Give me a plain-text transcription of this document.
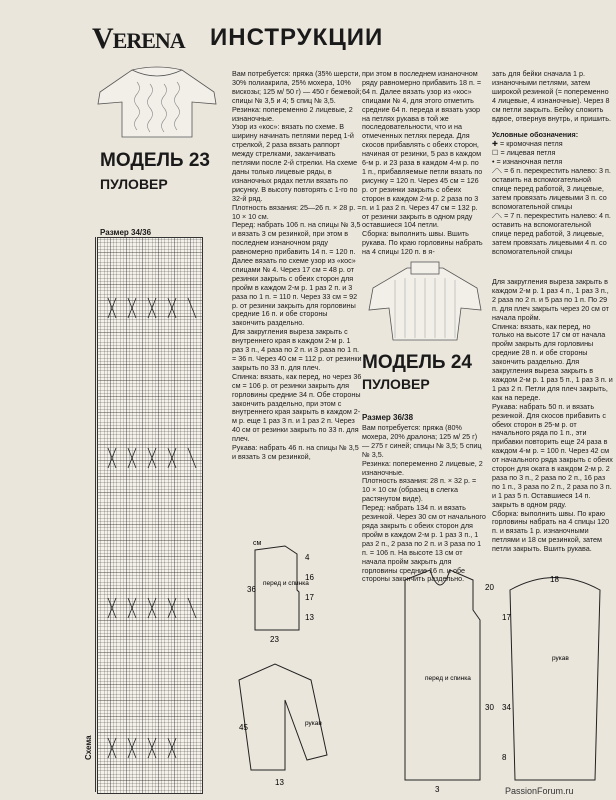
VERENA ИНСТРУКЦИИ
МОДЕЛЬ 23
ПУЛОВЕР
Размер 34/36
Схема

Вам потребуется: пряжа (35% шерсти, 30% полиакрила, 25% мохера, 10% вискозы; 125 м/ 50 г) — 450 г бежевой; спицы № 3,5 и 4; 5 спиц № 3,5.

Резинка: попеременно 2 лицевые, 2 изнаночные.

Узор из «кос»: вязать по схеме. В ширину начинать петлями перед 1-й стрелкой, 2 раза вязать раппорт между стрелками, заканчивать петлями после 2-й стрелки. На схеме даны только лицевые ряды, в изнаночных рядах петли вязать по рисунку. В высоту повторять с 1-го по 32-й ряд.

Плотность вязания: 25—26 п. × 28 р. = 10 × 10 см.

Перед: набрать 106 п. на спицы № 3,5 и вязать 3 см резинкой, при этом в последнем изнаночном ряду равномерно прибавить 14 п. = 120 п. Далее вязать по схеме узор из «кос» спицами № 4. Через 17 см = 48 р. от резинки закрыть с обеих сторон для пройм в каждом 2-м р. 1 раз 2 п. и 3 раза по 1 п. = 110 п. Через 33 см = 92 р. от резинки закрыть для горловины средние 16 п. и обе стороны закончить раздельно.

Для закругления выреза закрыть с внутреннего края в каждом 2-м р. 1 раз 3 п., 4 раза по 2 п. и 3 раза по 1 п. = 36 п. Через 40 см = 112 р. от резинки закрыть по 33 п. для плеч.

Спинка: вязать, как перед, но через 36 см = 106 р. от резинки закрыть для горловины средние 34 п. Обе стороны закончить раздельно, при этом с внутреннего края закрыть в каждом 2-м р. еще 1 раз 3 п. и 1 раз 2 п. Через 40 см от резинки закрыть по 33 п. для плеч.

Рукава: набрать 46 п. на спицы № 3,5 и вязать 3 см резинкой,

при этом в последнем изнаночном ряду равномерно прибавить 18 п. = 64 п. Далее вязать узор из «кос» спицами № 4, для этого отметить средние 64 п. переда и вязать узор на петлях рукава в той же последовательности, что и на отмеченных петлях переда. Для скосов прибавлять с обеих сторон, начиная от резинки, 5 раз в каждом 6-м р. и 23 раза в каждом 4-м р. по 1 п., прибавляемые петли вязать по рисунку = 120 п. Через 45 см = 126 р. от резинки закрыть с обеих сторон в каждом 2-м р. 2 раза по 3 п. и 1 раз 2 п. Через 47 см = 132 р. от резинки закрыть в одном ряду оставшиеся 104 петли.

Сборка: выполнить швы. Вшить рукава. По краю горловины набрать на 4 спицы 120 п. в я-

зать для бейки сначала 1 р. изнаночными петлями, затем широкой резинкой (= попеременно 4 лицевые, 4 изнаночные). Через 8 см петли закрыть. Бейку сложить вдвое, отвернув внутрь, и пришить.

Условные обозначения:
✚ = кромочная петля
☐ = лицевая петля
• = изнаночная петля
⟋⟍ = 6 п. перекрестить налево: 3 п. оставить на вспомогательной спице перед работой, 3 лицевые, затем провязать лицевыми 3 п. со вспомогательной спицы
⟋⟍ = 7 п. перекрестить налево: 4 п. оставить на вспомогательной спице перед работой, 3 лицевые, затем провязать лицевыми 4 п. со вспомогательной спицы
МОДЕЛЬ 24
ПУЛОВЕР
Размер 36/38

Вам потребуется: пряжа (80% мохера, 20% дралона; 125 м/ 25 г) — 275 г синей; спицы № 3,5; 5 спиц № 3,5.

Резинка: попеременно 2 лицевые, 2 изнаночные.

Плотность вязания: 28 п. × 32 р. = 10 × 10 см (образец в слегка растянутом виде).

Перед: набрать 134 п. и вязать резинкой. Через 30 см от начального ряда закрыть с обеих сторон для пройм в каждом 2-м р. 1 раз 3 п., 1 раз 2 п., 2 раза по 2 п. и 3 раза по 1 п. = 106 п. На высоте 13 см от начала пройм закрыть для горловины средние 16 п. и обе стороны закончить раздельно.

Для закругления выреза закрыть в каждом 2-м р. 1 раз 4 п., 1 раз 3 п., 2 раза по 2 п. и 5 раз по 1 п. По 29 п. для плеч закрыть через 20 см от начала пройм.

Спинка: вязать, как перед, но только на высоте 17 см от начала пройм закрыть для горловины средние 28 п. и обе стороны закончить раздельно. Для закругления выреза закрыть в каждом 2-м р. 1 раз 5 п., 1 раз 3 п. и 1 раз 2 п. Петли для плеч закрыть, как на переде.

Рукава: набрать 50 п. и вязать резинкой. Для скосов прибавить с обеих сторон в 25-м р. от начального ряда по 1 п., эти прибавки повторить еще 24 раза в каждом 4-м р. = 100 п. Через 42 см от начального ряда закрыть с обеих сторон для оката в каждом 2-м р. 2 раза по 3 п., 2 раза по 2 п., 16 раз по 1 п., 3 раза по 2 п., 2 раза по 3 п. и 1 раз 5 п. Оставшиеся 14 п. закрыть в одном ряду.

Сборка: выполнить швы. По краю горловины набрать на 4 спицы 120 п. и вязать 1 р. изнаночными петлями и 18 см резинкой, затем петли закрыть. Вшить рукава.

см
36
4
16
17
13
23
перед и спинка
45	рукав
13
перед и спинка
20
30
3
18
17
рукав
34
8
PassionForum.ru
